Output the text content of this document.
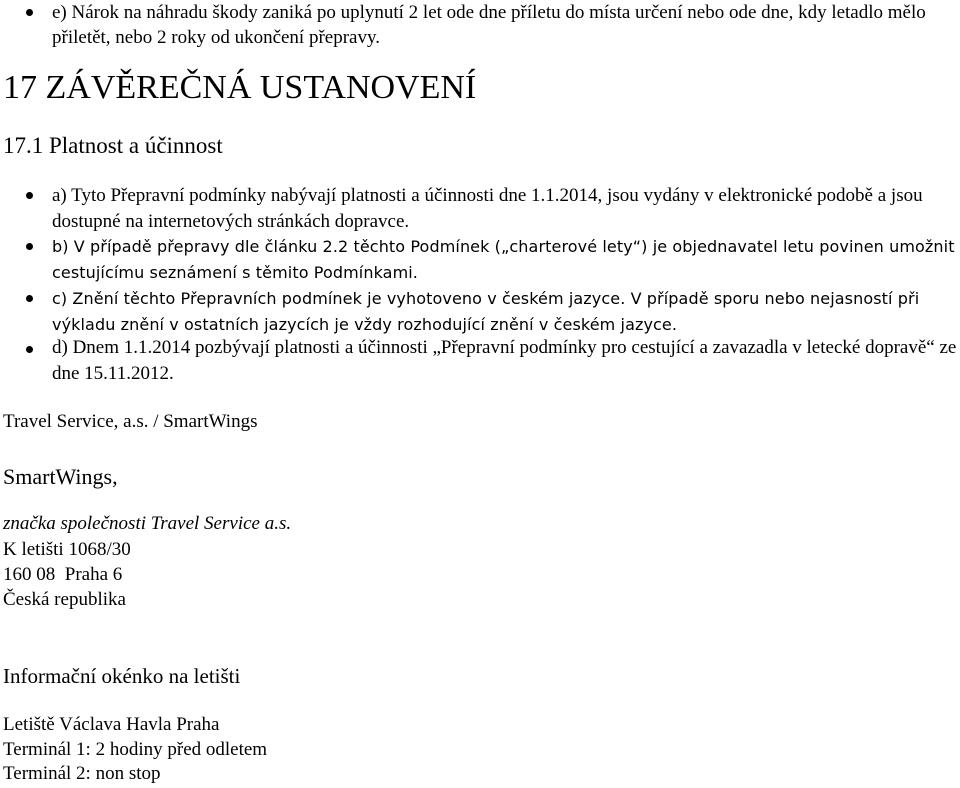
e) Nárok na náhradu škody zaniká po uplynutí 2 let ode dne příletu do místa určení nebo ode dne, kdy letadlo mělo přiletět, nebo 2 roky od ukončení přepravy.

17 ZÁVĚREČNÁ USTANOVENÍ
17.1 Platnost a účinnost

a) Tyto Přepravní podmínky nabývají platnosti a účinnosti dne 1.1.2014, jsou vydány v elektronické podobě a jsou dostupné na internetových stránkách dopravce.

b) V případě přepravy dle článku 2.2 těchto Podmínek („charterové lety“) je objednavatel letu povinen umožnit cestujícímu seznámení s těmito Podmínkami.

c) Znění těchto Přepravních podmínek je vyhotoveno v českém jazyce. V případě sporu nebo nejasností při výkladu znění v ostatních jazycích je vždy rozhodující znění v českém jazyce.

d) Dnem 1.1.2014 pozbývají platnosti a účinnosti „Přepravní podmínky pro cestující a zavazadla v letecké dopravě“ ze dne 15.11.2012.

Travel Service, a.s. / SmartWings

SmartWings,

značka společnosti Travel Service a.s.

K letišti 1068/30

160 08  Praha 6

Česká republika

Informační okénko na letišti

Letiště Václava Havla Praha

Terminál 1: 2 hodiny před odletem

Terminál 2: non stop
